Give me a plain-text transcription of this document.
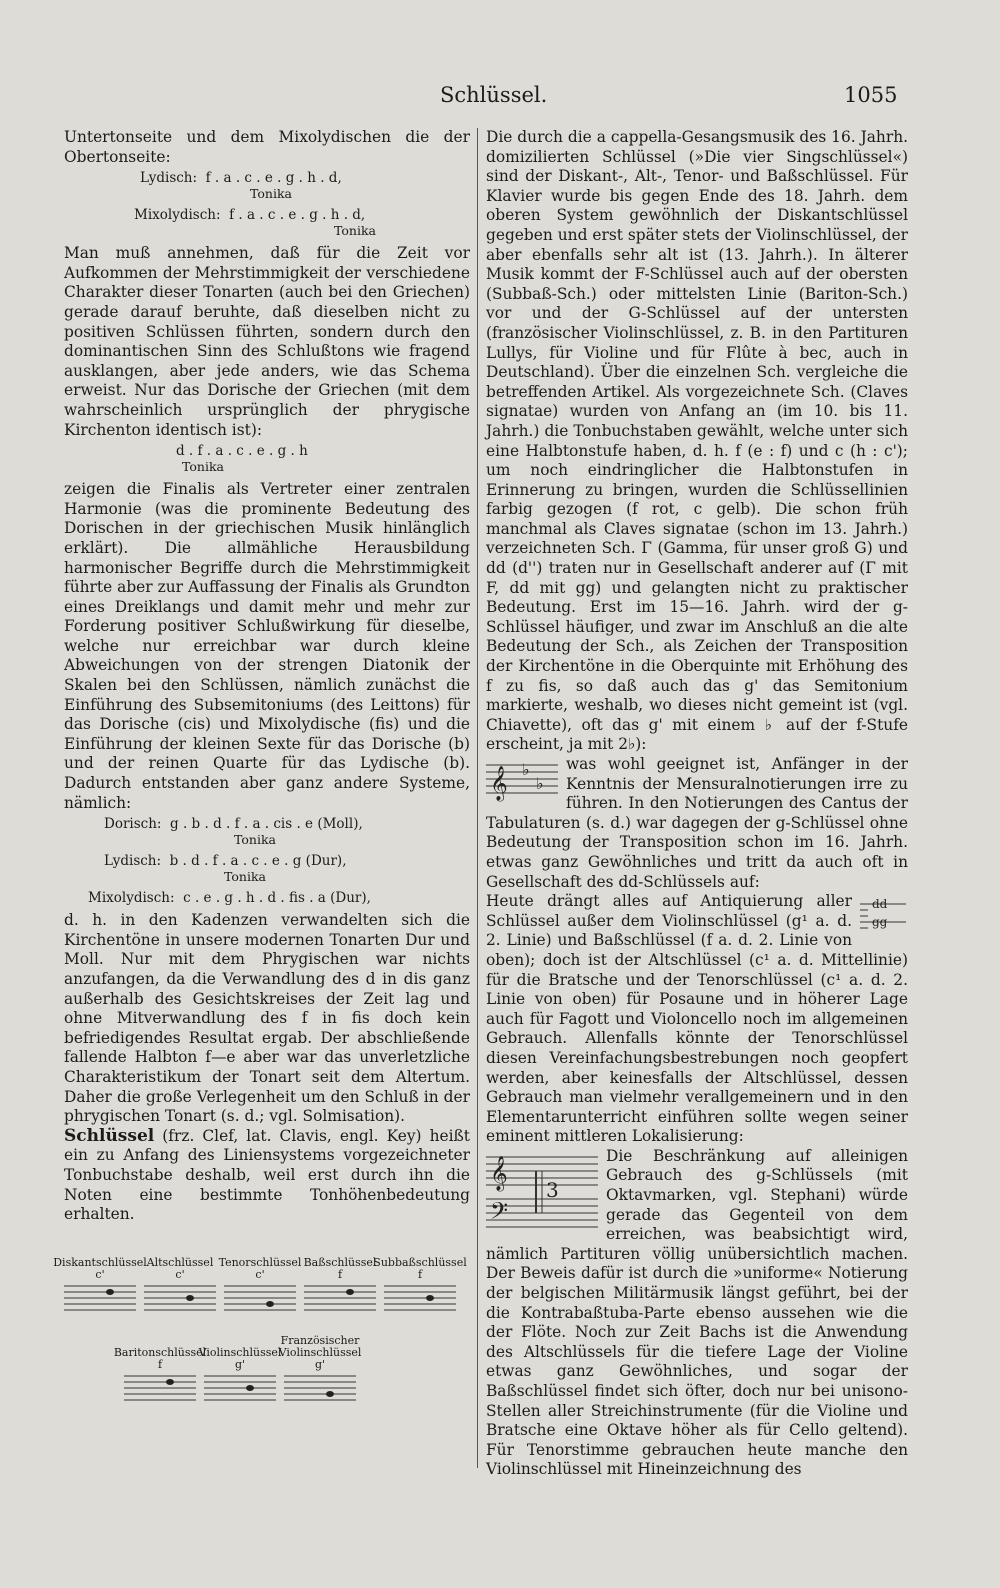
Schlüssel.	1055

Untertonseite und dem Mixolydischen die der Obertonseite:

Lydisch:  f . a . c . e . g . h . d,
Tonika
Mixolydisch:  f . a . c . e . g . h . d,
Tonika

Man muß annehmen, daß für die Zeit vor Aufkommen der Mehrstimmigkeit der verschiedene Charakter dieser Tonarten (auch bei den Griechen) gerade darauf beruhte, daß dieselben nicht zu positiven Schlüssen führten, sondern durch den dominantischen Sinn des Schlußtons wie fragend ausklangen, aber jede anders, wie das Schema erweist. Nur das Dorische der Griechen (mit dem wahrscheinlich ursprünglich der phrygische Kirchenton identisch ist):

d . f . a . c . e . g . h
Tonika

zeigen die Finalis als Vertreter einer zentralen Harmonie (was die prominente Bedeutung des Dorischen in der griechischen Musik hinlänglich erklärt). Die allmähliche Herausbildung harmonischer Begriffe durch die Mehrstimmigkeit führte aber zur Auffassung der Finalis als Grundton eines Dreiklangs und damit mehr und mehr zur Forderung positiver Schlußwirkung für dieselbe, welche nur erreichbar war durch kleine Abweichungen von der strengen Diatonik der Skalen bei den Schlüssen, nämlich zunächst die Einführung des Subsemitoniums (des Leittons) für das Dorische (cis) und Mixolydische (fis) und die Einführung der kleinen Sexte für das Dorische (b) und der reinen Quarte für das Lydische (b). Dadurch entstanden aber ganz andere Systeme, nämlich:

Dorisch:  g . b . d . f . a . cis . e (Moll),
Tonika
Lydisch:  b . d . f . a . c . e . g (Dur),
Tonika
Mixolydisch:  c . e . g . h . d . fis . a (Dur),

d. h. in den Kadenzen verwandelten sich die Kirchentöne in unsere modernen Tonarten Dur und Moll. Nur mit dem Phrygischen war nichts anzufangen, da die Verwandlung des d in dis ganz außerhalb des Gesichtskreises der Zeit lag und ohne Mitverwandlung des f in fis doch kein befriedigendes Resultat ergab. Der abschließende fallende Halbton f—e aber war das unverletzliche Charakteristikum der Tonart seit dem Altertum. Daher die große Verlegenheit um den Schluß in der phrygischen Tonart (s. d.; vgl. Solmisation).

Schlüssel (frz. Clef, lat. Clavis, engl. Key) heißt ein zu Anfang des Liniensystems vorgezeichneter Tonbuchstabe deshalb, weil erst durch ihn die Noten eine bestimmte Tonhöhenbedeutung erhalten.

Diskantschlüssel
c'
Altschlüssel
c'
Tenorschlüssel
c'
Baßschlüssel
f
Subbaßschlüssel
f
Baritonschlüssel
f
Violinschlüssel
g'
Französischer Violinschlüssel
g'

Die durch die a cappella-Gesangsmusik des 16. Jahrh. domizilierten Schlüssel (»Die vier Singschlüssel«) sind der Diskant-, Alt-, Tenor- und Baßschlüssel. Für Klavier wurde bis gegen Ende des 18. Jahrh. dem oberen System gewöhnlich der Diskantschlüssel gegeben und erst später stets der Violinschlüssel, der aber ebenfalls sehr alt ist (13. Jahrh.). In älterer Musik kommt der F-Schlüssel auch auf der obersten (Subbaß-Sch.) oder mittelsten Linie (Bariton-Sch.) vor und der G-Schlüssel auf der untersten (französischer Violinschlüssel, z. B. in den Partituren Lullys, für Violine und für Flûte à bec, auch in Deutschland). Über die einzelnen Sch. vergleiche die betreffenden Artikel. Als vorgezeichnete Sch. (Claves signatae) wurden von Anfang an (im 10. bis 11. Jahrh.) die Tonbuchstaben gewählt, welche unter sich eine Halbtonstufe haben, d. h. f (e : f) und c (h : c'); um noch eindringlicher die Halbtonstufen in Erinnerung zu bringen, wurden die Schlüssellinien farbig gezogen (f rot, c gelb). Die schon früh manchmal als Claves signatae (schon im 13. Jahrh.) verzeichneten Sch. Γ (Gamma, für unser groß G) und dd (d'') traten nur in Gesellschaft anderer auf (Γ mit F, dd mit gg) und gelangten nicht zu praktischer Bedeutung. Erst im 15—16. Jahrh. wird der g-Schlüssel häufiger, und zwar im Anschluß an die alte Bedeutung der Sch., als Zeichen der Transposition der Kirchentöne in die Oberquinte mit Erhöhung des f zu fis, so daß auch das g' das Semitonium markierte, weshalb, wo dieses nicht gemeint ist (vgl. Chiavette), oft das g' mit einem ♭ auf der f-Stufe erscheint, ja mit 2♭):

𝄞 ♭
♭

was wohl geeignet ist, Anfänger in der Kenntnis der Mensuralnotierungen irre zu führen. In den Notierungen des Cantus der Tabulaturen (s. d.) war dagegen der g-Schlüssel ohne Bedeutung der Transposition schon im 16. Jahrh. etwas ganz Gewöhnliches und tritt da auch oft in Gesellschaft des dd-Schlüssels auf:

dd
gg

Heute drängt alles auf Antiquierung aller Schlüssel außer dem Violinschlüssel (g¹ a. d. 2. Linie) und Baßschlüssel (f a. d. 2. Linie von oben); doch ist der Altschlüssel (c¹ a. d. Mittellinie) für die Bratsche und der Tenorschlüssel (c¹ a. d. 2. Linie von oben) für Posaune und in höherer Lage auch für Fagott und Violoncello noch im allgemeinen Gebrauch. Allenfalls könnte der Tenorschlüssel diesen Vereinfachungsbestrebungen noch geopfert werden, aber keinesfalls der Altschlüssel, dessen Gebrauch man vielmehr verallgemeinern und in den Elementarunterricht einführen sollte wegen seiner eminent mittleren Lokalisierung:

𝄞
𝄢
3

Die Beschränkung auf alleinigen Gebrauch des g-Schlüssels (mit Oktavmarken, vgl. Stephani) würde gerade das Gegenteil von dem erreichen, was beabsichtigt wird, nämlich Partituren völlig unübersichtlich machen. Der Beweis dafür ist durch die »uniforme« Notierung der belgischen Militärmusik längst geführt, bei der die Kontrabaßtuba-Parte ebenso aussehen wie die der Flöte. Noch zur Zeit Bachs ist die Anwendung des Altschlüssels für die tiefere Lage der Violine etwas ganz Gewöhnliches, und sogar der Baßschlüssel findet sich öfter, doch nur bei unisono-Stellen aller Streichinstrumente (für die Violine und Bratsche eine Oktave höher als für Cello geltend). Für Tenorstimme gebrauchen heute manche den Violinschlüssel mit Hineinzeichnung des
